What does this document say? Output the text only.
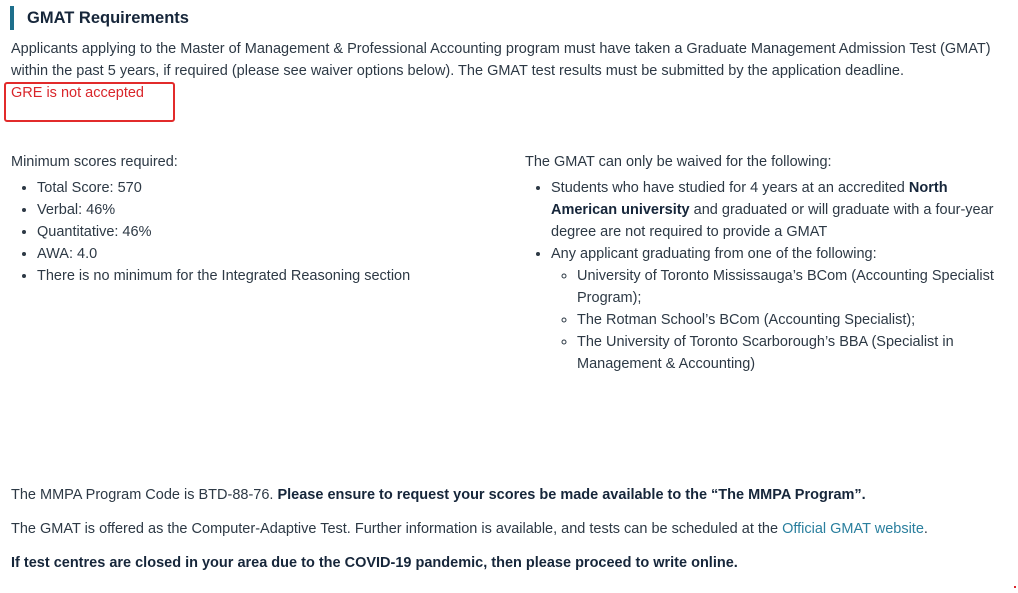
GMAT Requirements

Applicants applying to the Master of Management & Professional Accounting program must have taken a Graduate Management Admission Test (GMAT) within the past 5 years, if required (please see waiver options below). The GMAT test results must be submitted by the application deadline.

GRE is not accepted

Minimum scores required:

• Total Score: 570
• Verbal: 46%
• Quantitative: 46%
• AWA: 4.0
• There is no minimum for the Integrated Reasoning section

The GMAT can only be waived for the following:

• Students who have studied for 4 years at an accredited North American university and graduated or will graduate with a four-year degree are not required to provide a GMAT
• Any applicant graduating from one of the following:
◦ University of Toronto Mississauga’s BCom (Accounting Specialist Program);
◦ The Rotman School’s BCom (Accounting Specialist);
◦ The University of Toronto Scarborough’s BBA (Specialist in Management & Accounting)

The MMPA Program Code is BTD-88-76. Please ensure to request your scores be made available to the “The MMPA Program”.

The GMAT is offered as the Computer-Adaptive Test. Further information is available, and tests can be scheduled at the Official GMAT website.

If test centres are closed in your area due to the COVID-19 pandemic, then please proceed to write online.
